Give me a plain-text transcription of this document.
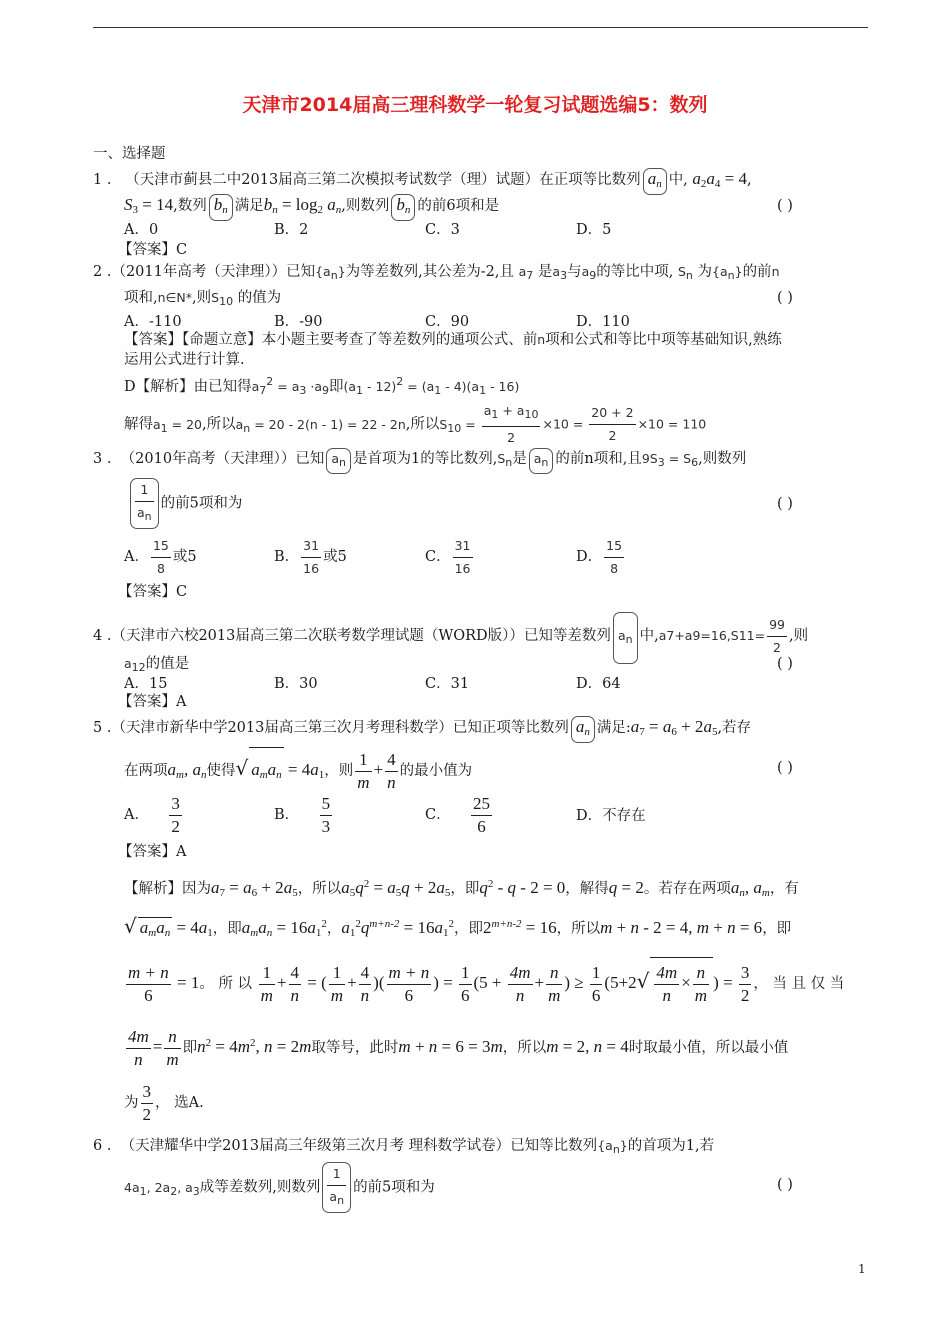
天津市2014届高三理科数学一轮复习试题选编5：数列
一、选择题
1 . （天津市蓟县二中2013届高三第二次模拟考试数学（理）试题）在正项等比数列 $a_n$ 中, $a_2a_4 = 4$,
$S_3 = 14$,数列 $b_n$ 满足$b_n = \log_2 a_n$,则数列 $b_n$ 的前6项和是	( )
A．0	B．2	C．3	D．5
【答案】C
2 .（2011年高考（天津理））已知$\{a_n\}$为等差数列,其公差为-2,且 $a_7$ 是$a_3$与$a_9$的等比中项, $S_n$ 为$\{a_n\}$的前n
项和,n∈N*,则$S_{10}$ 的值为	( )
A．-110	B．-90	C．90	D．110
【答案】【命题立意】本小题主要考查了等差数列的通项公式、前n项和公式和等比中项等基础知识,熟练
运用公式进行计算.
D【解析】由已知得$a_7^2 = a_3 \cdot a_9$即$(a_1 - 12)^2 = (a_1 - 4)(a_1 - 16)$
解得$a_1 = 20$,所以$a_n = 20 - 2(n - 1) = 22 - 2n$,所以$S_{10} = \frac{a_1 + a_{10}}{2} \times 10 = \frac{20 + 2}{2} \times 10 = 110$
3 . （2010年高考（天津理））已知 $a_n$ 是首项为1的等比数列$,S_n$是 $a_n$ 的前n项和,且$9S_3 = S_6$,则数列
$\frac{1}{a_n}$ 的前5项和为	( )
A． $\frac{15}{8}$ 或5	B． $\frac{31}{16}$ 或5	C． $\frac{31}{16}$	D． $\frac{15}{8}$
【答案】C
4 .（天津市六校2013届高三第二次联考数学理试题（WORD版））已知等差数列 $a_n$ 中$,a7+a9=16,S11= \frac{99}{2}$ ,则
$a_{12}$的值是	( )
A．15	B．30	C．31	D．64
【答案】A
5 .（天津市新华中学2013届高三第三次月考理科数学）已知正项等比数列 $a_n$ 满足$:a_7 = a_6 + 2a_5$,若存
在两项$a_m$, $a_n$使得√ $a_ma_n = 4a_1$，则 $\frac{1}{m} + \frac{4}{n}$ 的最小值为	( )
A． $\frac{3}{2}$	B． $\frac{5}{3}$	C． $\frac{25}{6}$	D．不存在
【答案】A
【解析】因为$a_7 = a_6 + 2a_5$，所以$a_5q^2 = a_5q + 2a_5$，即$q^2 - q - 2 = 0$，解得q = 2。若存在两项$a_n$, $a_m$，有
√ $a_ma_n = 4a_1$，即$a_ma_n = 16a_1^2$，$a_1^2q^{m+n-2} = 16a_1^2$，即$2^{m+n-2} = 16$，所以m + n - 2 = 4, m + n = 6，即
$\frac{m + n}{6} = 1$。 所 以 $\frac{1}{m} + \frac{4}{n}$ = ( $\frac{1}{m} + \frac{4}{n}$ )( $\frac{m + n}{6}$ ) = $\frac{1}{6} (5 + \frac{4m}{n} + \frac{n}{m}$ ) ≥ $\frac{1}{6} (5+2√ \frac{4m}{n} \times \frac{n}{m}$ ) = $\frac{3}{2}$ ， 当 且 仅 当
$\frac{4m}{n} = \frac{n}{m}$ 即$n^2 = 4m^2$, n = 2m取等号，此时m + n = 6 = 3m，所以m = 2, n = 4时取最小值，所以最小值
为 $\frac{3}{2}$ ， 选A.
6 . （天津耀华中学2013届高三年级第三次月考 理科数学试卷）已知等比数列$\{a_n\}$的首项为1,若
$4a_1$, $2a_2$, $a_3$成等差数列,则数列 $\frac{1}{a_n}$ 的前5项和为	( )
1
